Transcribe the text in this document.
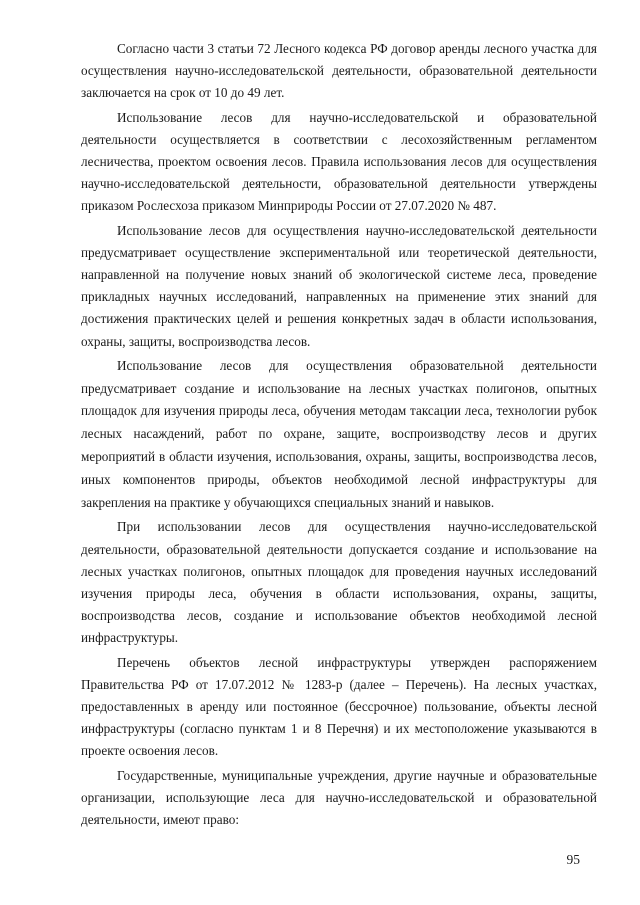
Согласно части 3 статьи 72 Лесного кодекса РФ договор аренды лесного участка для осуществления научно-исследовательской деятельности, образовательной деятельности заключается на срок от 10 до 49 лет.

Использование лесов для научно-исследовательской и образовательной деятельности осуществляется в соответствии с лесохозяйственным регламентом лесничества, проектом освоения лесов. Правила использования лесов для осуществления научно-исследовательской деятельности, образовательной деятельности утверждены приказом Рослесхоза приказом Минприроды России от 27.07.2020 № 487.

Использование лесов для осуществления научно-исследовательской деятельности предусматривает осуществление экспериментальной или теоретической деятельности, направленной на получение новых знаний об экологической системе леса, проведение прикладных научных исследований, направленных на применение этих знаний для достижения практических целей и решения конкретных задач в области использования, охраны, защиты, воспроизводства лесов.

Использование лесов для осуществления образовательной деятельности предусматривает создание и использование на лесных участках полигонов, опытных площадок для изучения природы леса, обучения методам таксации леса, технологии рубок лесных насаждений, работ по охране, защите, воспроизводству лесов и других мероприятий в области изучения, использования, охраны, защиты, воспроизводства лесов, иных компонентов природы, объектов необходимой лесной инфраструктуры для закрепления на практике у обучающихся специальных знаний и навыков.

При использовании лесов для осуществления научно-исследовательской деятельности, образовательной деятельности допускается создание и использование на лесных участках полигонов, опытных площадок для проведения научных исследований изучения природы леса, обучения в области использования, охраны, защиты, воспроизводства лесов, создание и использование объектов необходимой лесной инфраструктуры.

Перечень объектов лесной инфраструктуры утвержден распоряжением Правительства РФ от 17.07.2012 № 1283-р (далее – Перечень). На лесных участках, предоставленных в аренду или постоянное (бессрочное) пользование, объекты лесной инфраструктуры (согласно пунктам 1 и 8 Перечня) и их местоположение указываются в проекте освоения лесов.

Государственные, муниципальные учреждения, другие научные и образовательные организации, использующие леса для научно-исследовательской и образовательной деятельности, имеют право:

95
